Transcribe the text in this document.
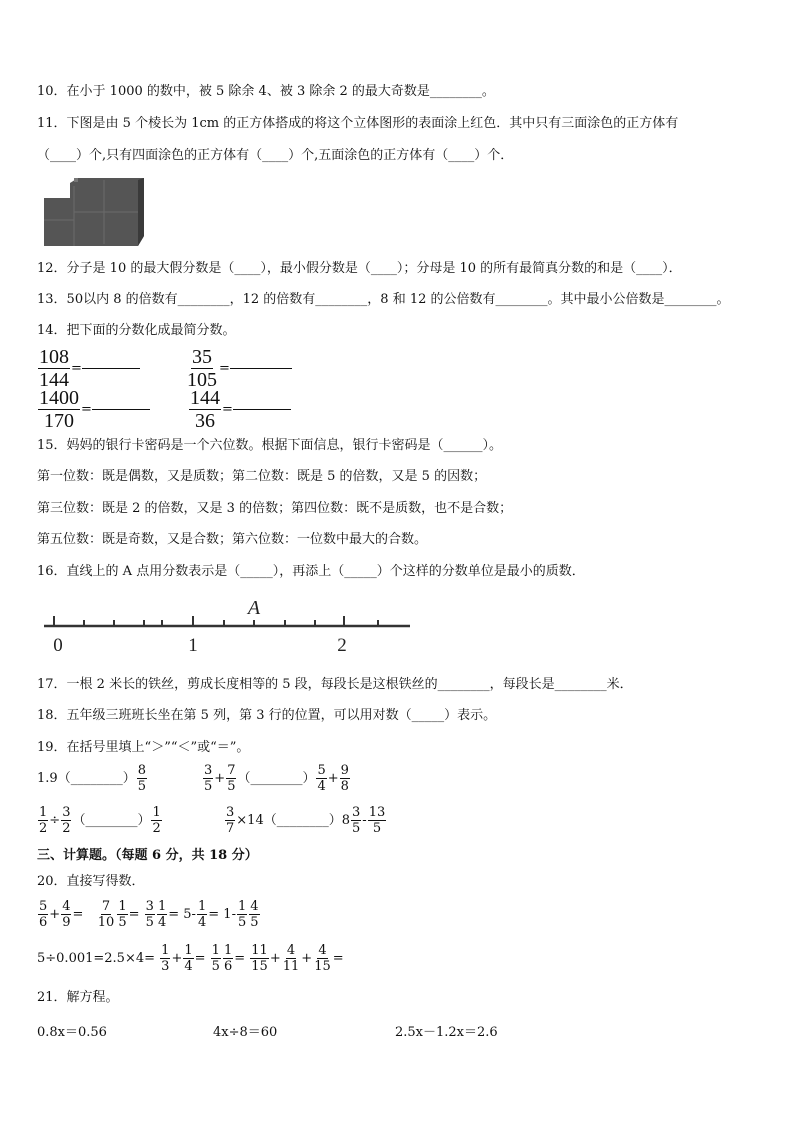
10．在小于 1000 的数中，被 5 除余 4、被 3 除余 2 的最大奇数是________。
11．下图是由 5 个棱长为 1cm 的正方体搭成的将这个立体图形的表面涂上红色．其中只有三面涂色的正方体有
（____）个,只有四面涂色的正方体有（____）个,五面涂色的正方体有（____）个．
12．分子是 10 的最大假分数是（____），最小假分数是（____）；分母是 10 的所有最简真分数的和是（____）．
13．50以内 8 的倍数有________，12 的倍数有________，8 和 12 的公倍数有________。其中最小公倍数是________。
14．把下面的分数化成最简分数。
$\frac{108}{144}$ =	$\frac{35}{105}$ =
$\frac{1400}{170}$ =	$\frac{144}{36}$ =
15．妈妈的银行卡密码是一个六位数。根据下面信息，银行卡密码是（______）。
第一位数：既是偶数，又是质数；第二位数：既是 5 的倍数，又是 5 的因数；
第三位数：既是 2 的倍数，又是 3 的倍数；第四位数：既不是质数，也不是合数；
第五位数：既是奇数，又是合数；第六位数：一位数中最大的合数。
16．直线上的 A 点用分数表示是（_____），再添上（_____）个这样的分数单位是最小的质数．
A
0	1	2
17．一根 2 米长的铁丝，剪成长度相等的 5 段，每段长是这根铁丝的________，每段长是________米．
18．五年级三班班长坐在第 5 列，第 3 行的位置，可以用对数（_____）表示。
19．在括号里填上“＞”“＜”或“＝”。
1.9（________） $\frac{8}{5}$	$\frac{3}{5} + \frac{7}{5}$ （________） $\frac{5}{4} + \frac{9}{8}$
$\frac{1}{2} \div \frac{3}{2}$ （________） $\frac{1}{2}$	$\frac{3}{7}$ ×14（________）8 $\frac{3}{5} - \frac{13}{5}$
三、计算题。（每题 6 分，共 18 分）
20．直接写得数．
$\frac{5}{6} + \frac{4}{9} = \frac{7}{10} \frac{1}{5} = \frac{3}{5} \frac{1}{4} = 5- \frac{1}{4} = 1- \frac{1}{5} \frac{4}{5}$
$5\div 0.001=2.5\times 4= \frac{1}{3} + \frac{1}{4} = \frac{1}{5} \frac{1}{6} = \frac{11}{15} + \frac{4}{11} + \frac{4}{15}$ =
21．解方程。
0.8x＝0.56	4x÷8＝60	2.5x－1.2x＝2.6
